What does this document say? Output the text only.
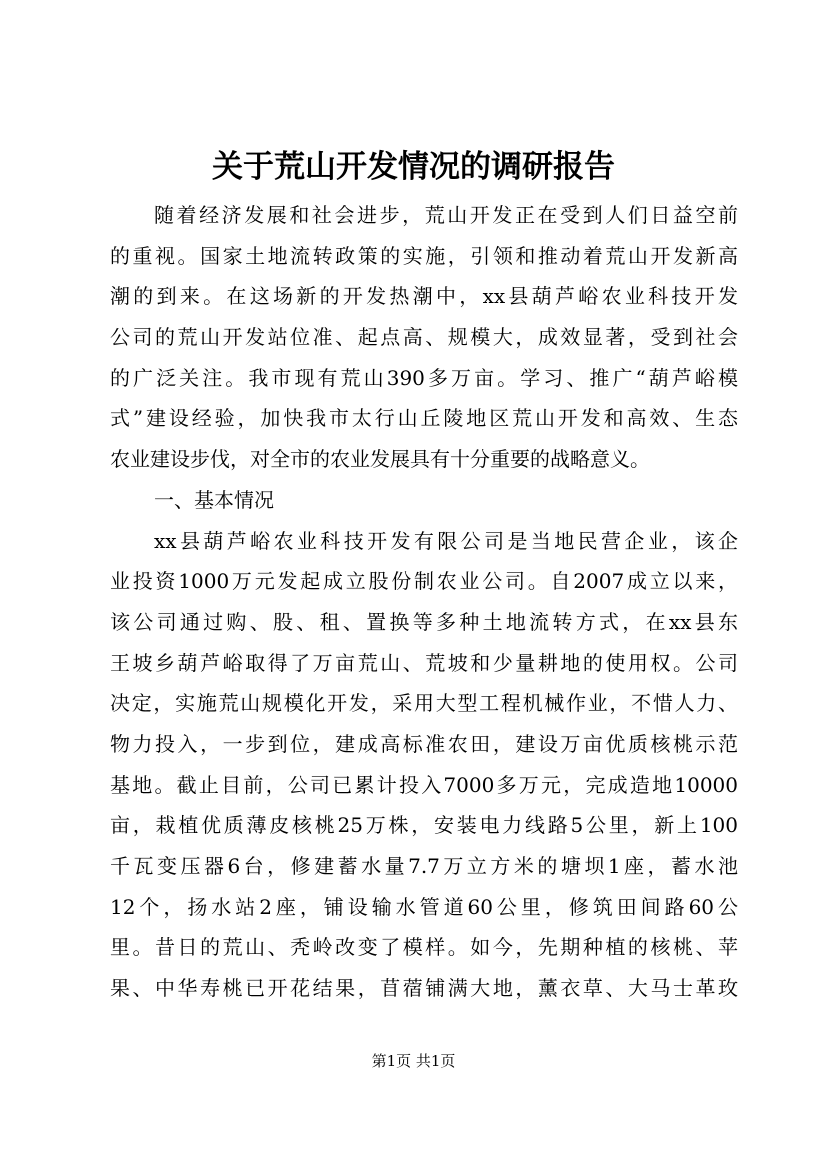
关于荒山开发情况的调研报告
随着经济发展和社会进步，荒山开发正在受到人们日益空前
的重视。国家土地流转政策的实施，引领和推动着荒山开发新高
潮的到来。在这场新的开发热潮中，xx县葫芦峪农业科技开发
公司的荒山开发站位准、起点高、规模大，成效显著，受到社会
的广泛关注。我市现有荒山390多万亩。学习、推广“葫芦峪模
式”建设经验，加快我市太行山丘陵地区荒山开发和高效、生态
农业建设步伐，对全市的农业发展具有十分重要的战略意义。
一、基本情况
xx县葫芦峪农业科技开发有限公司是当地民营企业，该企
业投资1000万元发起成立股份制农业公司。自2007成立以来，
该公司通过购、股、租、置换等多种土地流转方式，在xx县东
王坡乡葫芦峪取得了万亩荒山、荒坡和少量耕地的使用权。公司
决定，实施荒山规模化开发，采用大型工程机械作业，不惜人力、
物力投入，一步到位，建成高标准农田，建设万亩优质核桃示范
基地。截止目前，公司已累计投入7000多万元，完成造地10000
亩，栽植优质薄皮核桃25万株，安装电力线路5公里，新上100
千瓦变压器6台，修建蓄水量7.7万立方米的塘坝1座，蓄水池
12个，扬水站2座，铺设输水管道60公里，修筑田间路60公
里。昔日的荒山、秃岭改变了模样。如今，先期种植的核桃、苹
果、中华寿桃已开花结果，苜蓿铺满大地，薰衣草、大马士革玫
第1页 共1页
